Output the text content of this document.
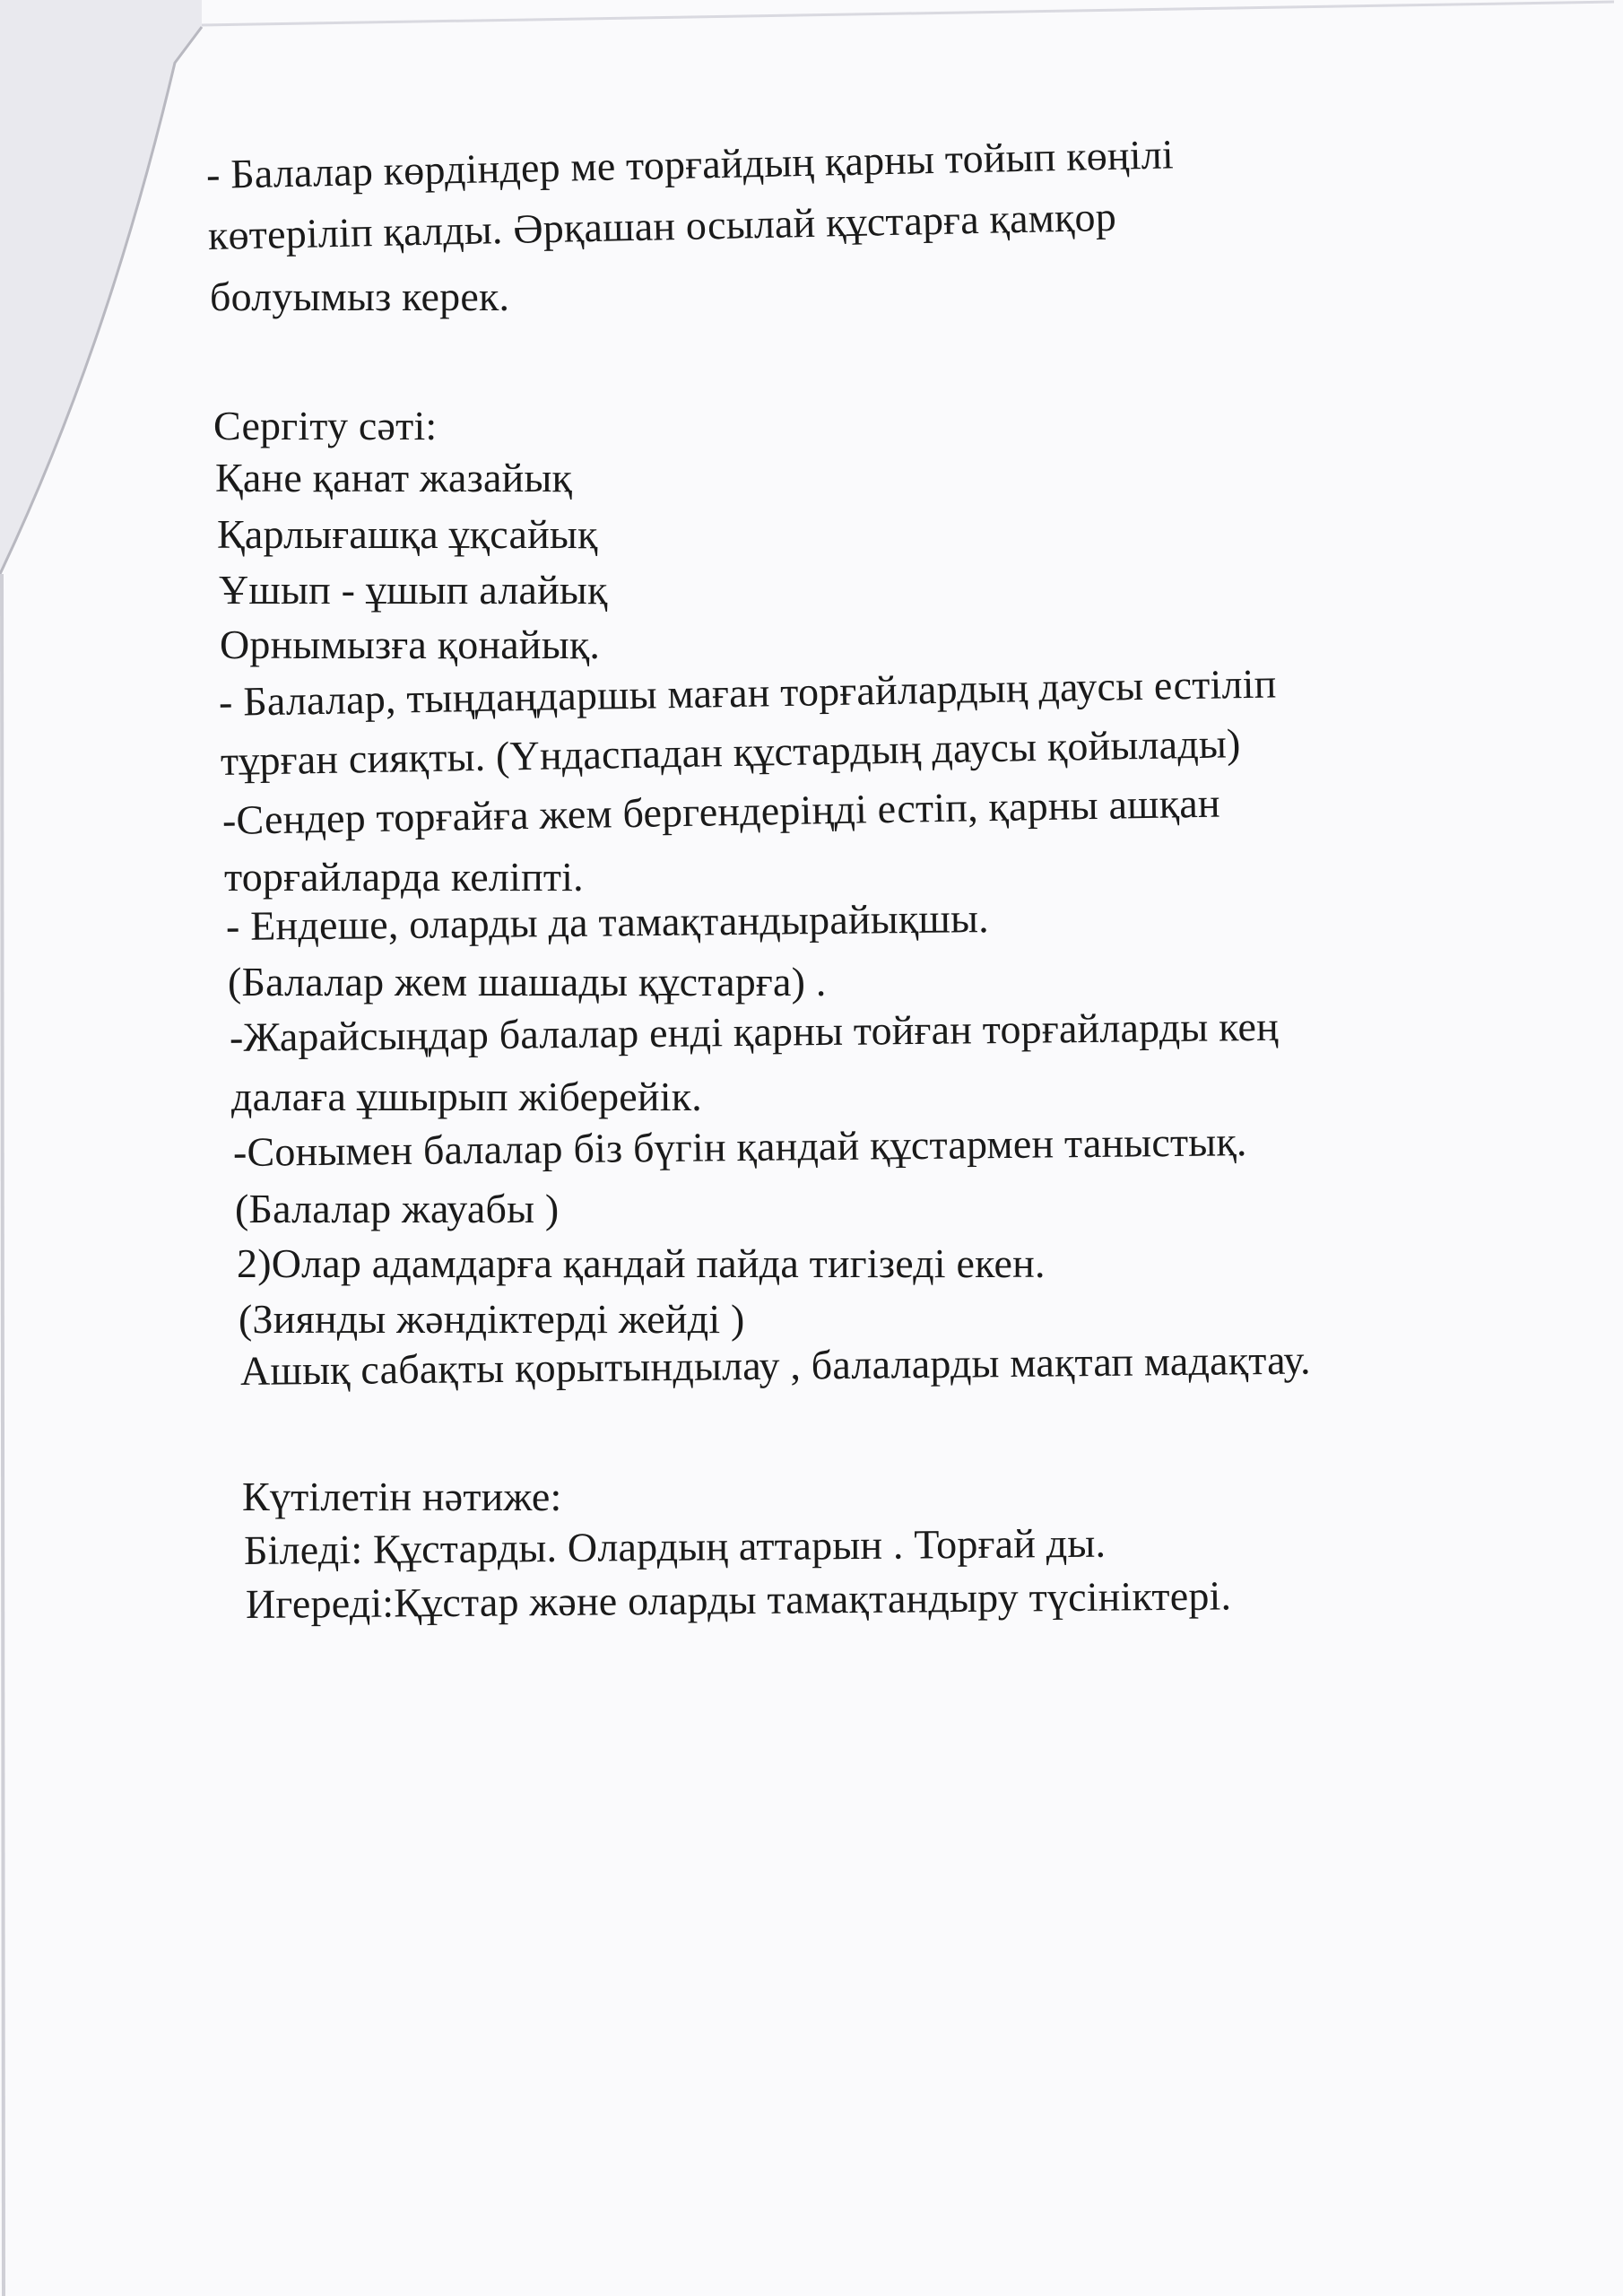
- Балалар көрдіндер ме торғайдың қарны тойып көңілі
көтеріліп қалды. Әрқашан осылай құстарға қамқор
болуымыз керек.
Сергіту сәті:
Қане қанат жазайық
Қарлығашқа ұқсайық
Ұшып - ұшып алайық
Орнымызға қонайық.
- Балалар, тыңдаңдаршы маған торғайлардың даусы естіліп
тұрған сияқты. (Үндаспадан құстардың даусы қойылады)
-Сендер торғайға жем бергендеріңді естіп, қарны ашқан
торғайларда келіпті.
- Ендеше, оларды да тамақтандырайықшы.
(Балалар жем шашады құстарға) .
-Жарайсыңдар балалар енді қарны тойған торғайларды кең
далаға ұшырып жіберейік.
-Сонымен балалар біз бүгін қандай құстармен таныстық.
(Балалар жауабы )
2)Олар адамдарға қандай пайда тигізеді екен.
(Зиянды жәндіктерді жейді )
Ашық сабақты қорытындылау , балаларды мақтап мадақтау.
Күтілетін нәтиже:
Біледі: Құстарды. Олардың аттарын . Торғай ды.
Игереді:Құстар және оларды тамақтандыру түсініктері.
